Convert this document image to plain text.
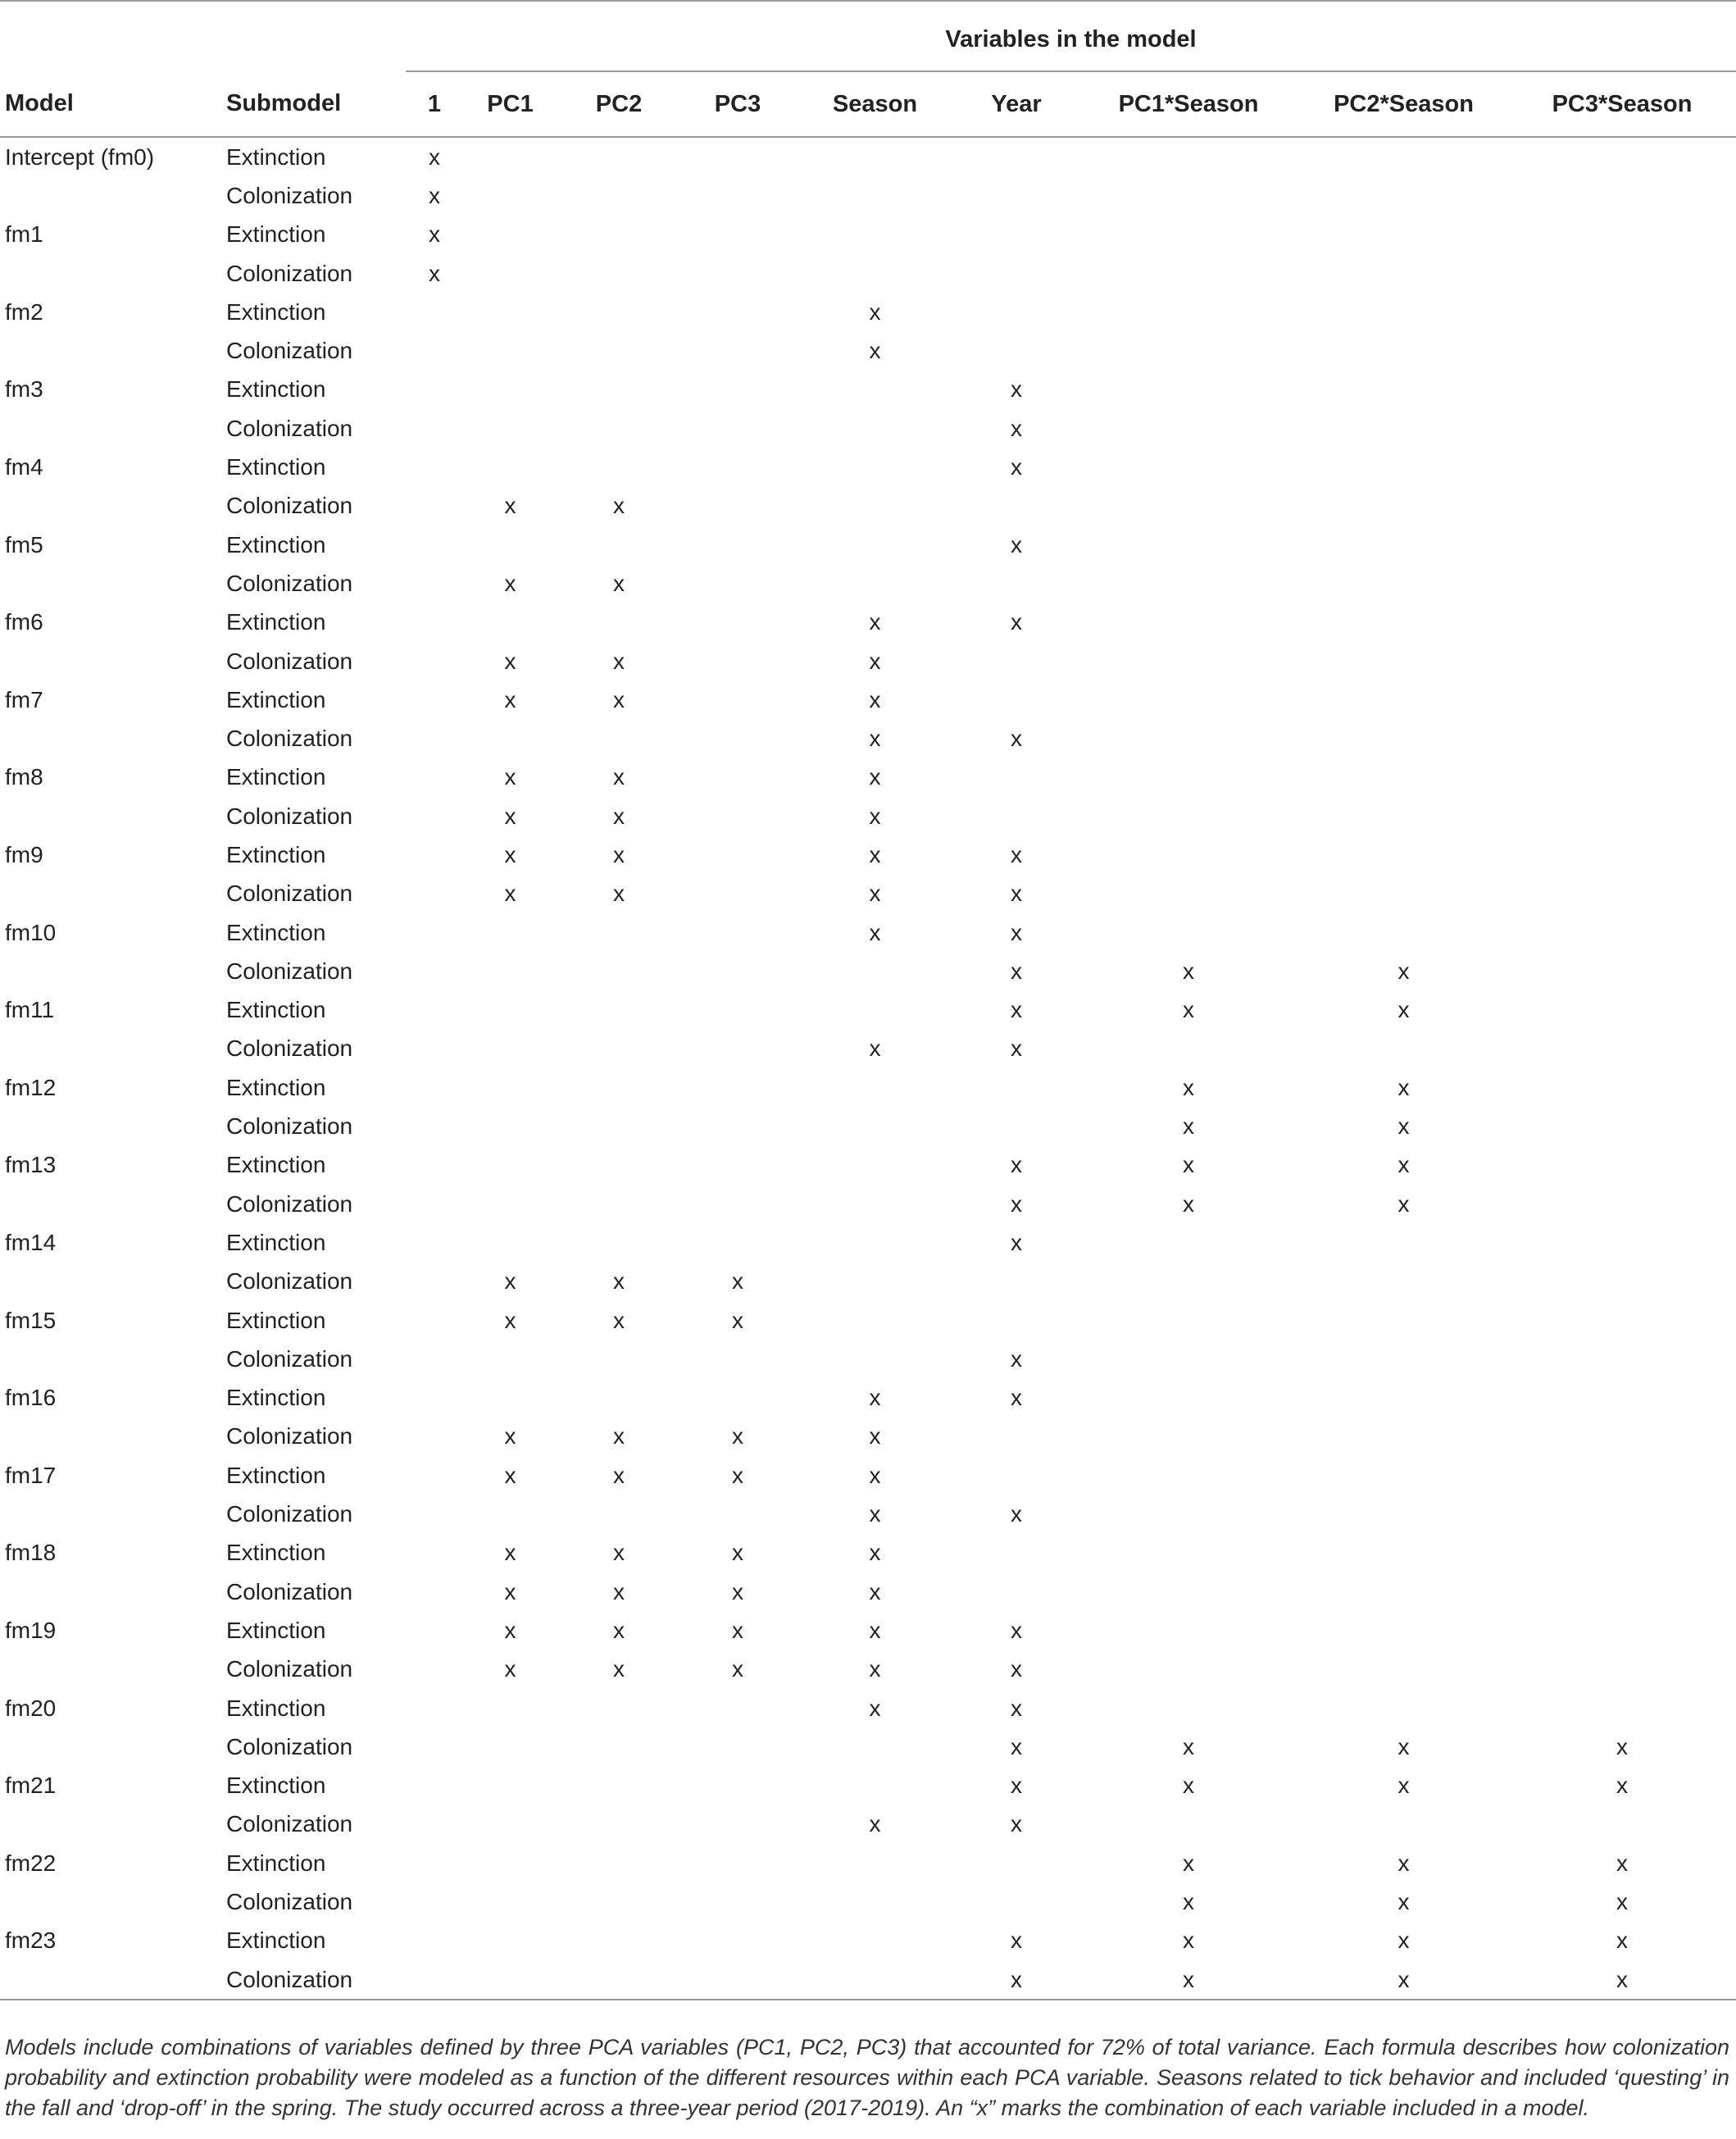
		Variables in the model								
Model	Submodel	1	PC1	PC2	PC3	Season	Year	PC1*Season	PC2*Season	PC3*Season
Intercept (fm0)	Extinction	x								
	Colonization	x								
fm1	Extinction	x								
	Colonization	x								
fm2	Extinction					x				
	Colonization					x				
fm3	Extinction						x			
	Colonization						x			
fm4	Extinction						x			
	Colonization		x	x						
fm5	Extinction						x			
	Colonization		x	x						
fm6	Extinction					x	x			
	Colonization		x	x		x				
fm7	Extinction		x	x		x				
	Colonization					x	x			
fm8	Extinction		x	x		x				
	Colonization		x	x		x				
fm9	Extinction		x	x		x	x			
	Colonization		x	x		x	x			
fm10	Extinction					x	x			
	Colonization						x	x	x	
fm11	Extinction						x	x	x	
	Colonization					x	x			
fm12	Extinction							x	x	
	Colonization							x	x	
fm13	Extinction						x	x	x	
	Colonization						x	x	x	
fm14	Extinction						x			
	Colonization		x	x	x					
fm15	Extinction		x	x	x					
	Colonization						x			
fm16	Extinction					x	x			
	Colonization		x	x	x	x				
fm17	Extinction		x	x	x	x				
	Colonization					x	x			
fm18	Extinction		x	x	x	x				
	Colonization		x	x	x	x				
fm19	Extinction		x	x	x	x	x			
	Colonization		x	x	x	x	x			
fm20	Extinction					x	x			
	Colonization						x	x	x	x
fm21	Extinction						x	x	x	x
	Colonization					x	x			
fm22	Extinction							x	x	x
	Colonization							x	x	x
fm23	Extinction						x	x	x	x
	Colonization						x	x	x	x

Models include combinations of variables defined by three PCA variables (PC1, PC2, PC3) that accounted for 72% of total variance. Each formula describes how colonization probability and extinction probability were modeled as a function of the different resources within each PCA variable. Seasons related to tick behavior and included ‘questing’ in the fall and ‘drop-off’ in the spring. The study occurred across a three-year period (2017-2019). An “x” marks the combination of each variable included in a model.
